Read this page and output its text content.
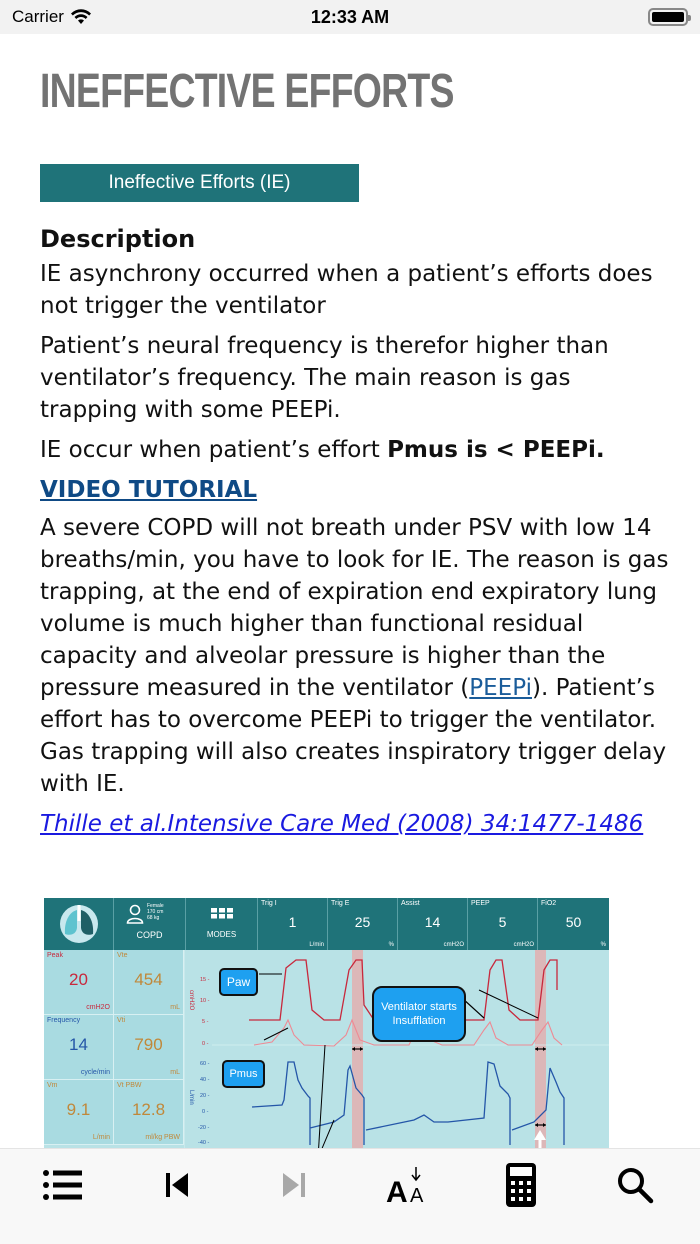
Carrier	12:33 AM
INEFFECTIVE EFFORTS
Ineffective Efforts (IE)
Description

IE asynchrony occurred when a patient’s efforts does not trigger the ventilator

Patient’s neural frequency is therefor higher than ventilator’s frequency. The main reason is gas trapping with some PEEPi.

IE occur when patient’s effort Pmus is < PEEPi.

VIDEO TUTORIAL

A severe COPD will not breath under PSV with low 14 breaths/min, you have to look for IE. The reason is gas trapping, at the end of expiration end expiratory lung volume is much higher than functional residual capacity and alveolar pressure is higher than the pressure measured in the ventilator (PEEPi). Patient’s effort has to overcome PEEPi to trigger the ventilator. Gas trapping will also creates inspiratory trigger delay with IE.

Thille et al.Intensive Care Med (2008) 34:1477-1486

Female
170 cm
68 kg
COPD	MODES
Trig I
1
L/min
Trig E
25
%
Assist
14
cmH2O
PEEP
5
cmH2O
FiO2
50
%
Peak
20
cmH2O
Vte
454
mL
Frequency
14
cycle/min
Vti
790
mL
Vm
9.1
L/min
Vt PBW
12.8
ml/kg PBW
cmH2O
15 -
10 -
5 -
0 -
60 -
40 -
20 -
0 -
-20 -
-40 -
L/min
Paw
Pmus
Ventilator starts Insufflation
A A
